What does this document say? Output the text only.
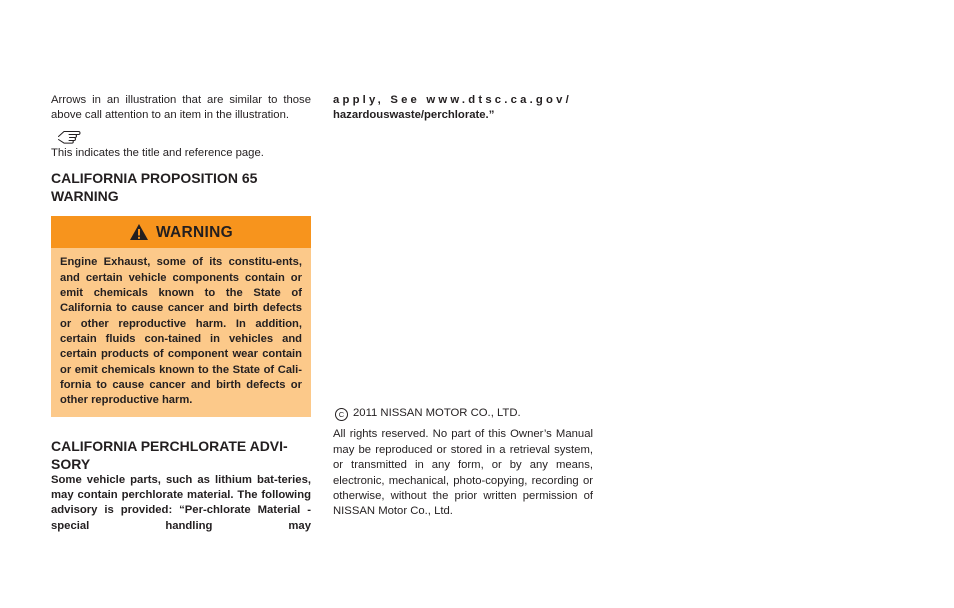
Arrows in an illustration that are similar to those above call attention to an item in the illustration.

This indicates the title and reference page.

CALIFORNIA PROPOSITION 65 WARNING
WARNING
Engine Exhaust, some of its constitu-ents, and certain vehicle components contain or emit chemicals known to the State of California to cause cancer and birth defects or other reproductive harm. In addition, certain fluids con-tained in vehicles and certain products of component wear contain or emit chemicals known to the State of Cali-fornia to cause cancer and birth defects or other reproductive harm.
CALIFORNIA PERCHLORATE ADVI-SORY

Some vehicle parts, such as lithium bat-teries, may contain perchlorate material. The following advisory is provided: “Per-chlorate Material - special handling may

apply, See www.dtsc.ca.gov/

hazardouswaste/perchlorate.”

C 2011 NISSAN MOTOR CO., LTD.

All rights reserved. No part of this Owner’s Manual may be reproduced or stored in a retrieval system, or transmitted in any form, or by any means, electronic, mechanical, photo-copying, recording or otherwise, without the prior written permission of NISSAN Motor Co., Ltd.
